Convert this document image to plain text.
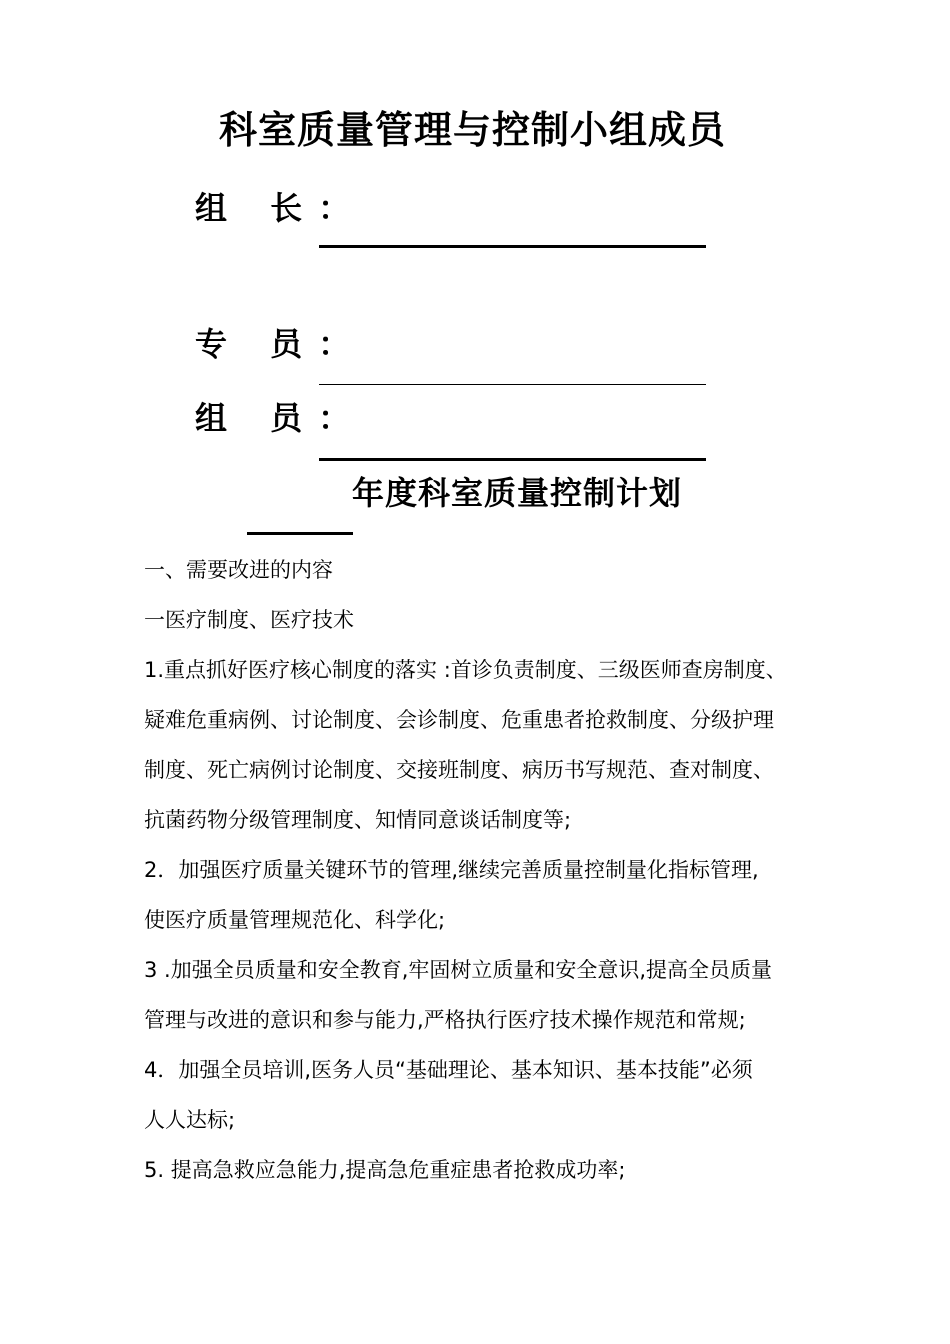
科室质量管理与控制小组成员
组 长：
专 员：
组 员：
年度科室质量控制计划
一、需要改进的内容
一医疗制度、医疗技术
1.重点抓好医疗核心制度的落实 :首诊负责制度、三级医师查房制度、
疑难危重病例、讨论制度、会诊制度、危重患者抢救制度、分级护理
制度、死亡病例讨论制度、交接班制度、病历书写规范、查对制度、
抗菌药物分级管理制度、知情同意谈话制度等;
2．加强医疗质量关键环节的管理,继续完善质量控制量化指标管理,
使医疗质量管理规范化、科学化;
3 .加强全员质量和安全教育,牢固树立质量和安全意识,提高全员质量
管理与改进的意识和参与能力,严格执行医疗技术操作规范和常规;
4．加强全员培训,医务人员“基础理论、基本知识、基本技能”必须
人人达标;
5. 提高急救应急能力,提高急危重症患者抢救成功率;
